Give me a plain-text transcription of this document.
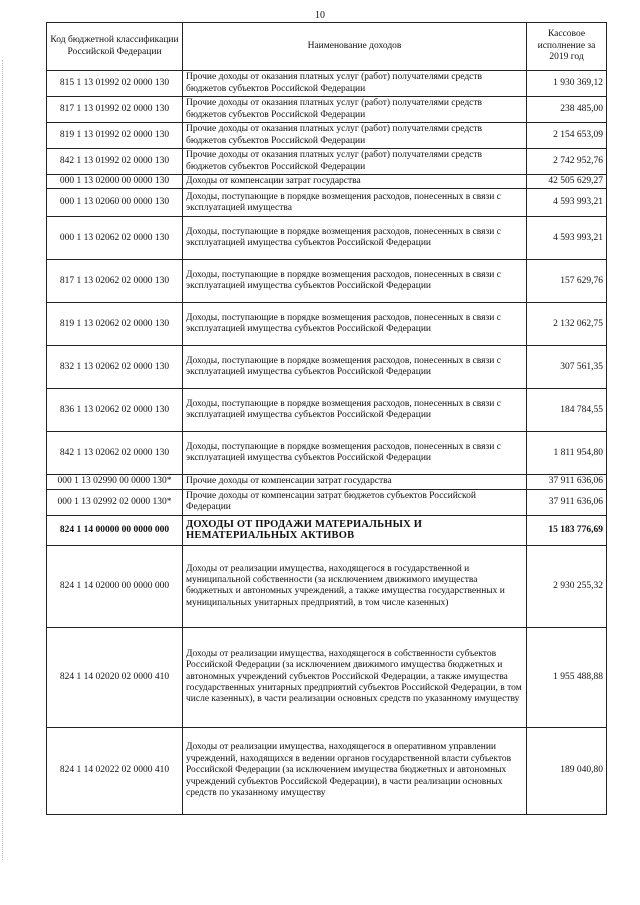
10
Код бюджетной классификации Российской Федерации	Наименование доходов	Кассовое исполнение за 2019 год
815 1 13 01992 02 0000 130	Прочие доходы от оказания платных услуг (работ) получателями средств бюджетов субъектов Российской Федерации	1 930 369,12
817 1 13 01992 02 0000 130	Прочие доходы от оказания платных услуг (работ) получателями средств бюджетов субъектов Российской Федерации	238 485,00
819 1 13 01992 02 0000 130	Прочие доходы от оказания платных услуг (работ) получателями средств бюджетов субъектов Российской Федерации	2 154 653,09
842 1 13 01992 02 0000 130	Прочие доходы от оказания платных услуг (работ) получателями средств бюджетов субъектов Российской Федерации	2 742 952,76
000 1 13 02000 00 0000 130	Доходы от компенсации затрат государства	42 505 629,27
000 1 13 02060 00 0000 130	Доходы, поступающие в порядке возмещения расходов, понесенных в связи с эксплуатацией имущества	4 593 993,21
000 1 13 02062 02 0000 130	Доходы, поступающие в порядке возмещения расходов, понесенных в связи с эксплуатацией имущества субъектов Российской Федерации	4 593 993,21
817 1 13 02062 02 0000 130	Доходы, поступающие в порядке возмещения расходов, понесенных в связи с эксплуатацией имущества субъектов Российской Федерации	157 629,76
819 1 13 02062 02 0000 130	Доходы, поступающие в порядке возмещения расходов, понесенных в связи с эксплуатацией имущества субъектов Российской Федерации	2 132 062,75
832 1 13 02062 02 0000 130	Доходы, поступающие в порядке возмещения расходов, понесенных в связи с эксплуатацией имущества субъектов Российской Федерации	307 561,35
836 1 13 02062 02 0000 130	Доходы, поступающие в порядке возмещения расходов, понесенных в связи с эксплуатацией имущества субъектов Российской Федерации	184 784,55
842 1 13 02062 02 0000 130	Доходы, поступающие в порядке возмещения расходов, понесенных в связи с эксплуатацией имущества субъектов Российской Федерации	1 811 954,80
000 1 13 02990 00 0000 130*	Прочие доходы от компенсации затрат государства	37 911 636,06
000 1 13 02992 02 0000 130*	Прочие доходы от компенсации затрат бюджетов субъектов Российской Федерации	37 911 636,06
824 1 14 00000 00 0000 000	ДОХОДЫ ОТ ПРОДАЖИ МАТЕРИАЛЬНЫХ И НЕМАТЕРИАЛЬНЫХ АКТИВОВ	15 183 776,69
824 1 14 02000 00 0000 000	Доходы от реализации имущества, находящегося в государственной и муниципальной собственности (за исключением движимого имущества бюджетных и автономных учреждений, а также имущества государственных и муниципальных унитарных предприятий, в том числе казенных)	2 930 255,32
824 1 14 02020 02 0000 410	Доходы от реализации имущества, находящегося в собственности субъектов Российской Федерации (за исключением движимого имущества бюджетных и автономных учреждений субъектов Российской Федерации, а также имущества государственных унитарных предприятий субъектов Российской Федерации, в том числе казенных), в части реализации основных средств по указанному имуществу	1 955 488,88
824 1 14 02022 02 0000 410	Доходы от реализации имущества, находящегося в оперативном управлении учреждений, находящихся в ведении органов государственной власти субъектов Российской Федерации (за исключением имущества бюджетных и автономных учреждений субъектов Российской Федерации), в части реализации основных средств по указанному имуществу	189 040,80
